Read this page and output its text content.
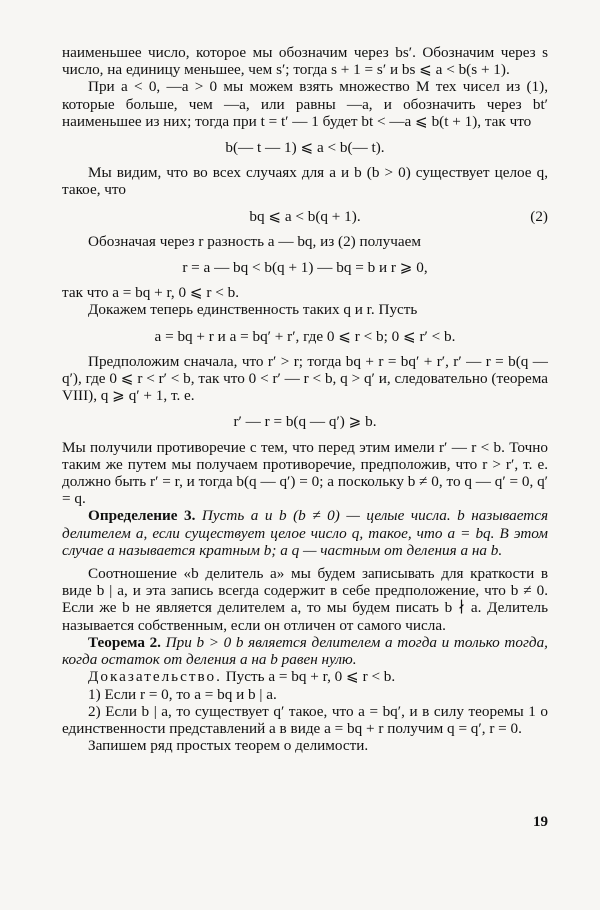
наименьшее число, которое мы обозначим через bs′. Обозначим через s число, на единицу меньшее, чем s′; тогда s + 1 = s′ и bs ⩽ a < b(s + 1).

При a < 0, —a > 0 мы можем взять множество M тех чисел из (1), которые больше, чем —a, или равны —a, и обозначить через bt′ наименьшее из них; тогда при t = t′ — 1 будет bt < —a ⩽ b(t + 1), так что

b(— t — 1) ⩽ a < b(— t).

Мы видим, что во всех случаях для a и b (b > 0) существует целое q, такое, что

bq ⩽ a < b(q + 1).	(2)

Обозначая через r разность a — bq, из (2) получаем

r = a — bq < b(q + 1) — bq = b и r ⩾ 0,

так что a = bq + r, 0 ⩽ r < b.

Докажем теперь единственность таких q и r. Пусть

a = bq + r и a = bq′ + r′, где 0 ⩽ r < b; 0 ⩽ r′ < b.

Предположим сначала, что r′ > r; тогда bq + r = bq′ + r′, r′ — r = b(q — q′), где 0 ⩽ r < r′ < b, так что 0 < r′ — r < b, q > q′ и, следовательно (теорема VIII), q ⩾ q′ + 1, т. е.

r′ — r = b(q — q′) ⩾ b.

Мы получили противоречие с тем, что перед этим имели r′ — r < b. Точно таким же путем мы получаем противоречие, предположив, что r > r′, т. е. должно быть r′ = r, и тогда b(q — q′) = 0; а поскольку b ≠ 0, то q — q′ = 0, q′ = q.

Определение 3. Пусть a и b (b ≠ 0) — целые числа. b называется делителем a, если существует целое число q, такое, что a = bq. В этом случае a называется кратным b; a q — частным от деления a на b.

Соотношение «b делитель a» мы будем записывать для краткости в виде b | a, и эта запись всегда содержит в себе предположение, что b ≠ 0. Если же b не является делителем a, то мы будем писать b ∤ a. Делитель называется собственным, если он отличен от самого числа.

Теорема 2. При b > 0 b является делителем a тогда и только тогда, когда остаток от деления a на b равен нулю.

Доказательство. Пусть a = bq + r, 0 ⩽ r < b.

1) Если r = 0, то a = bq и b | a.

2) Если b | a, то существует q′ такое, что a = bq′, и в силу теоремы 1 о единственности представлений a в виде a = bq + r получим q = q′, r = 0.

Запишем ряд простых теорем о делимости.

19
